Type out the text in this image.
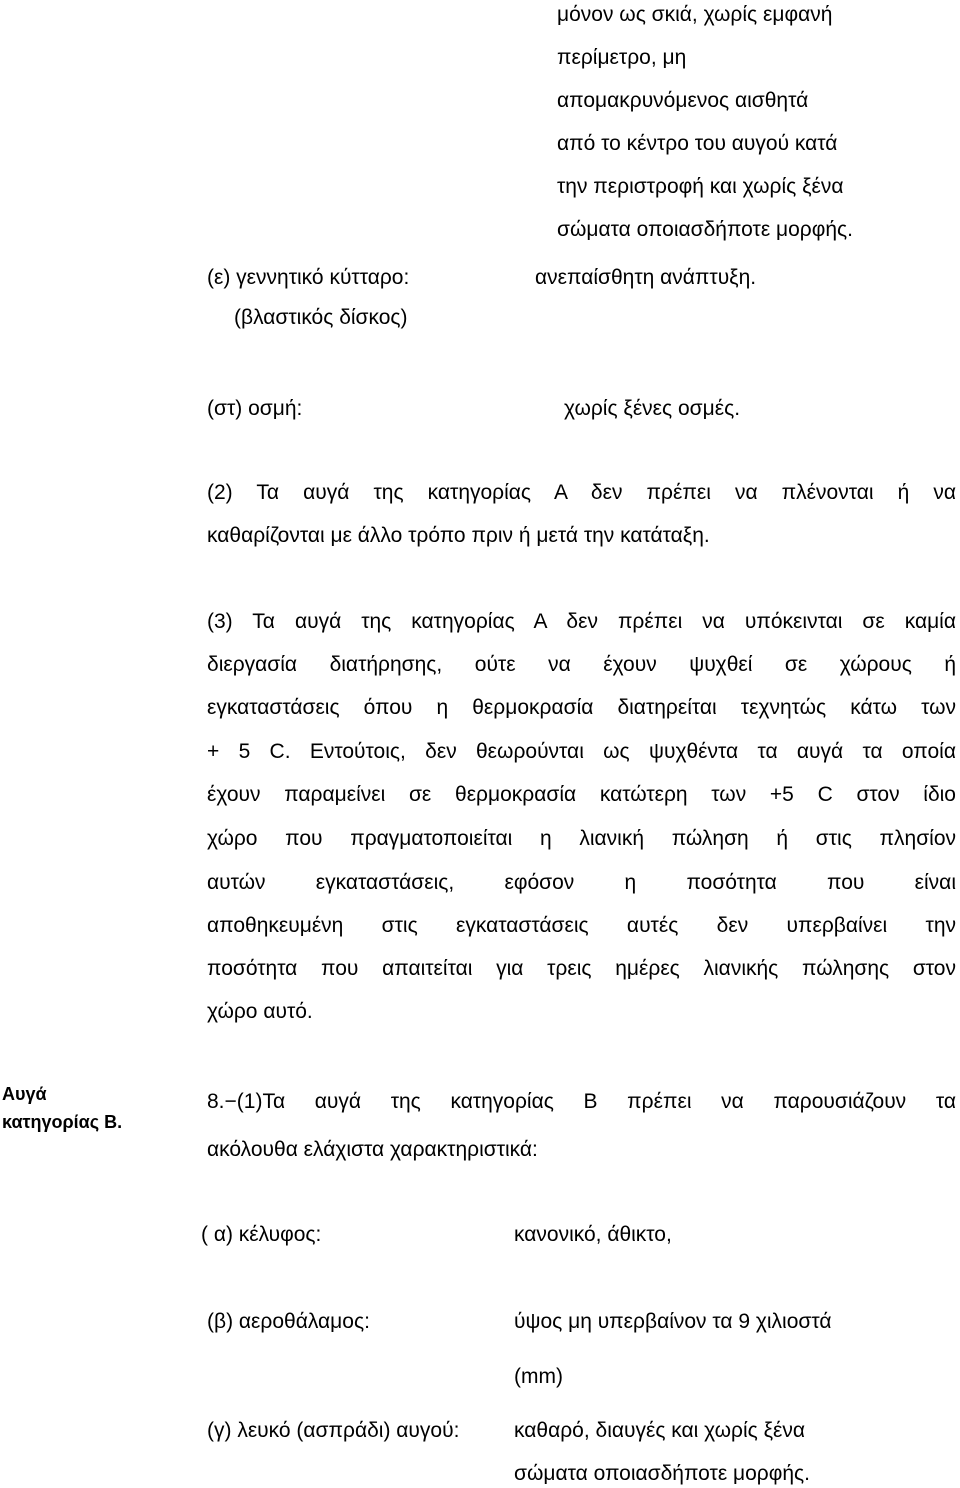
μόνον ως σκιά, χωρίς εμφανή
περίμετρο, μη
απομακρυνόμενος αισθητά
από το κέντρο του αυγού κατά
την περιστροφή και χωρίς ξένα
σώματα οποιασδήποτε μορφής.
(ε) γεννητικό κύτταρο:	ανεπαίσθητη ανάπτυξη.
(βλαστικός δίσκος)
(στ) οσμή:	χωρίς ξένες οσμές.
(2) Τα αυγά της κατηγορίας Α δεν πρέπει να πλένονται ή να
καθαρίζονται με άλλο τρόπο πριν ή μετά την κατάταξη.
(3) Τα αυγά της κατηγορίας Α δεν πρέπει να υπόκεινται σε καμία
διεργασία διατήρησης, ούτε να έχουν ψυχθεί σε χώρους ή
εγκαταστάσεις όπου η θερμοκρασία διατηρείται τεχνητώς κάτω των
+ 5 C. Εντούτοις, δεν θεωρούνται ως ψυχθέντα τα αυγά τα οποία
έχουν παραμείνει σε θερμοκρασία κατώτερη των +5 C στον ίδιο
χώρο που πραγματοποιείται η λιανική πώληση ή στις πλησίον
αυτών εγκαταστάσεις, εφόσον η ποσότητα που είναι
αποθηκευμένη στις εγκαταστάσεις αυτές δεν υπερβαίνει την
ποσότητα που απαιτείται για τρεις ημέρες λιανικής πώλησης στον
χώρο αυτό.
Αυγά
κατηγορίας Β.
8.−(1)Τα αυγά της κατηγορίας Β πρέπει να παρουσιάζουν τα
ακόλουθα ελάχιστα χαρακτηριστικά:
( α) κέλυφος:	κανονικό, άθικτο,
(β) αεροθάλαμος:	ύψος μη υπερβαίνον τα 9 χιλιοστά
(mm)
(γ) λευκό (ασπράδι) αυγού:	καθαρό, διαυγές και χωρίς ξένα
σώματα οποιασδήποτε μορφής.
